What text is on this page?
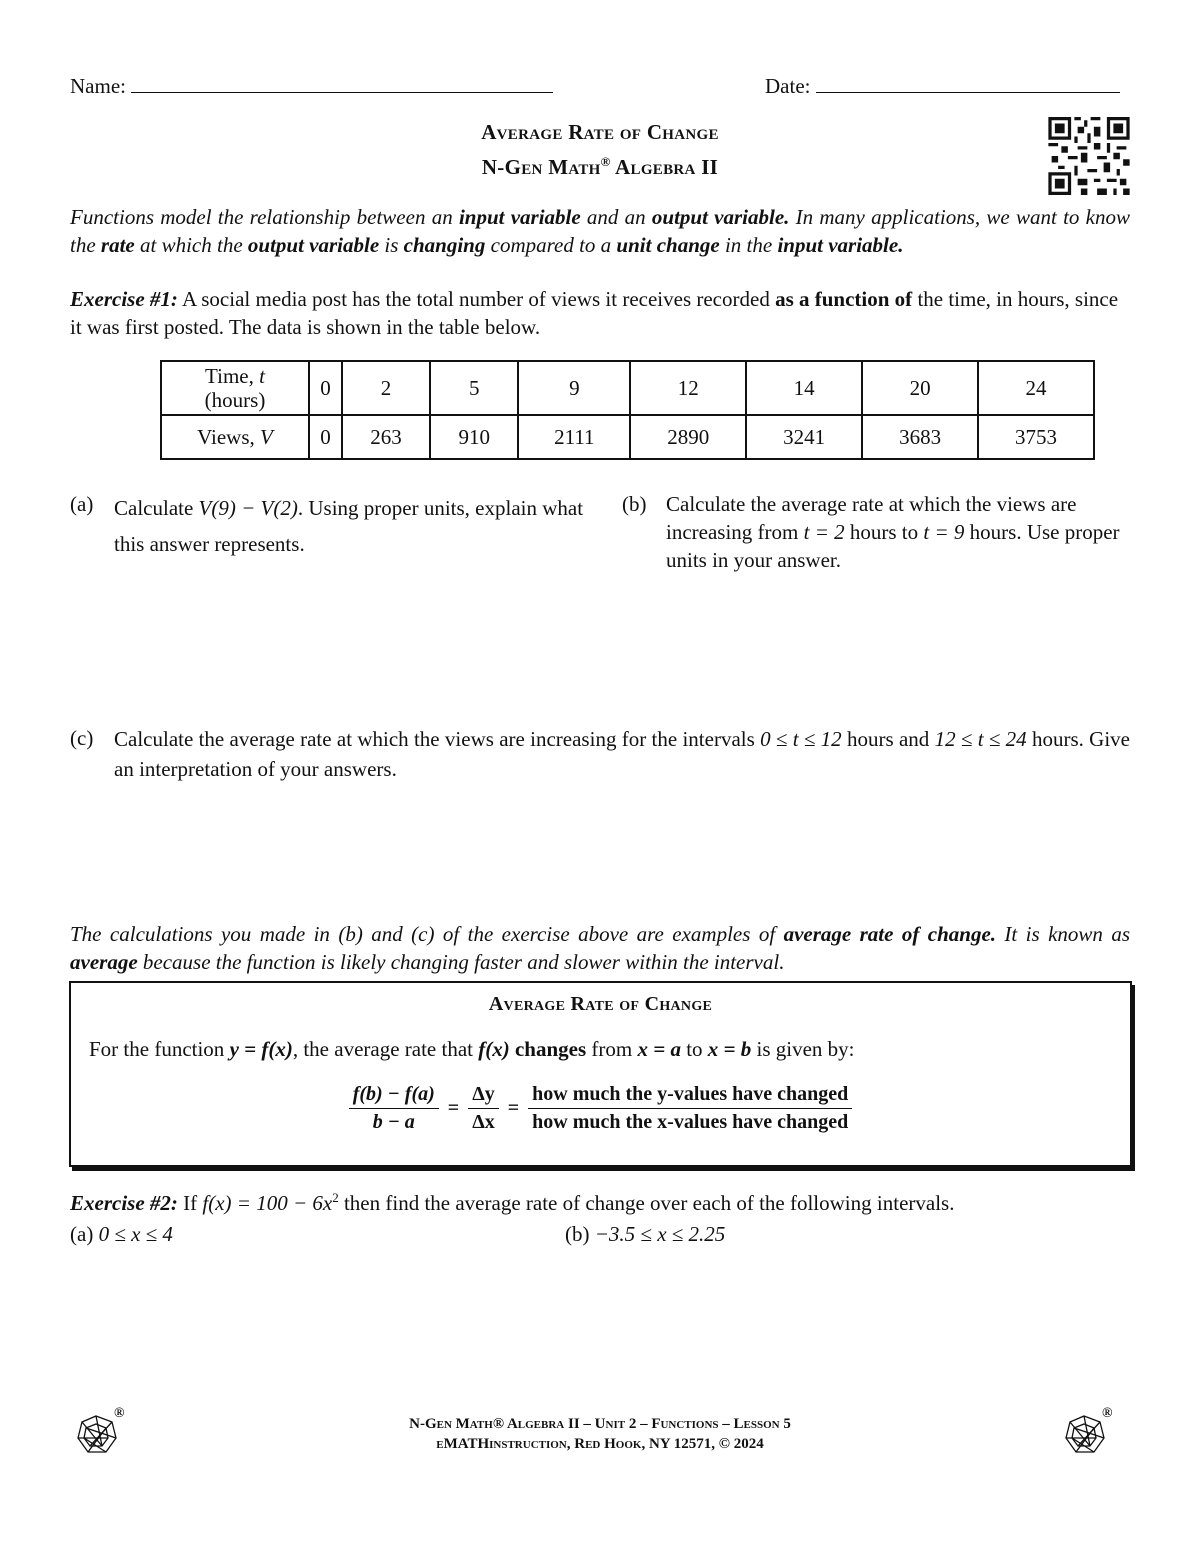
Name:	Date:
Average Rate of Change
N-Gen Math® Algebra II
Functions model the relationship between an input variable and an output variable. In many applications, we want to know the rate at which the output variable is changing compared to a unit change in the input variable.
Exercise #1: A social media post has the total number of views it receives recorded as a function of the time, in hours, since it was first posted. The data is shown in the table below.
Time, t
(hours)	0	2	5	9	12	14	20	24
Views, V	0	263	910	2111	2890	3241	3683	3753
(a) Calculate V(9) − V(2). Using proper units, explain what this answer represents.
(b) Calculate the average rate at which the views are increasing from t = 2 hours to t = 9 hours. Use proper units in your answer.
(c) Calculate the average rate at which the views are increasing for the intervals 0 ≤ t ≤ 12 hours and 12 ≤ t ≤ 24 hours. Give an interpretation of your answers.
The calculations you made in (b) and (c) of the exercise above are examples of average rate of change. It is known as average because the function is likely changing faster and slower within the interval.
Average Rate of Change
For the function y = f(x), the average rate that f(x) changes from x = a to x = b is given by:
$\frac{f(b) - f(a)}{b - a} = \frac{\Delta y}{\Delta x} = \frac{\text{how much the y-values have changed}}{\text{how much the x-values have changed}}$
Exercise #2: If $f(x) = 100 - 6x^2$ then find the average rate of change over each of the following intervals.
(a) 0 ≤ x ≤ 4	(b) −3.5 ≤ x ≤ 2.25
®	®
N-Gen Math® Algebra II – Unit 2 – Functions – Lesson 5
eMATHinstruction, Red Hook, NY 12571, © 2024
